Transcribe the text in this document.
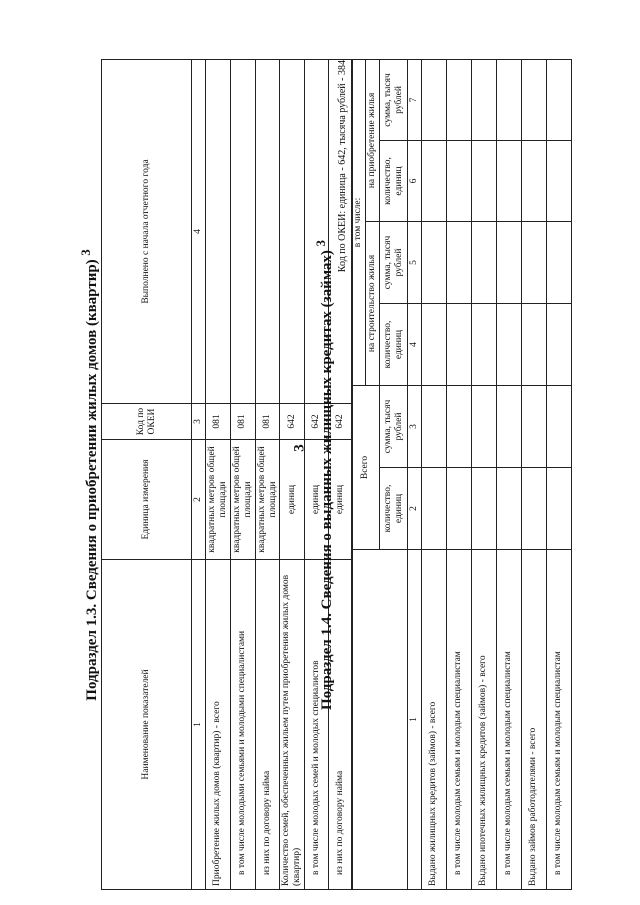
3
Подраздел 1.3. Сведения о приобретении жилых домов (квартир) $^3$
Наименование показателей	Единица измерения	Код по ОКЕИ	Выполнено с начала отчетного года
1	2	3	4
Приобретение жилых домов (квартир) - всего	квадратных метров общей площади	081	
в том числе молодыми семьями и молодыми специалистами	квадратных метров общей площади	081	
из них по договору найма	квадратных метров общей площади	081	
Количество семей, обеспеченных жильем путем приобретения жилых домов (квартир)	единиц	642	
в том числе молодых семей и молодых специалистов	единиц	642	
из них по договору найма	единиц	642	
Подраздел 1.4. Сведения о выданных жилищных кредитах (займах) $^3$ Код по ОКЕИ: единица - 642, тысяча рублей - 384
	Всего		в том числе:			
			на строительство жилья		на приобретение жилья	
	количество, единиц	сумма, тысяч рублей	количество, единиц	сумма, тысяч рублей	количество, единиц	сумма, тысяч рублей
1	2	3	4	5	6	7
Выдано жилищных кредитов (займов) - всего						
в том числе молодым семьям и молодым специалистам						
Выдано ипотечных жилищных кредитов (займов) - всего						
в том числе молодым семьям и молодым специалистам						
Выдано займов работодателями - всего						
в том числе молодым семьям и молодым специалистам						
